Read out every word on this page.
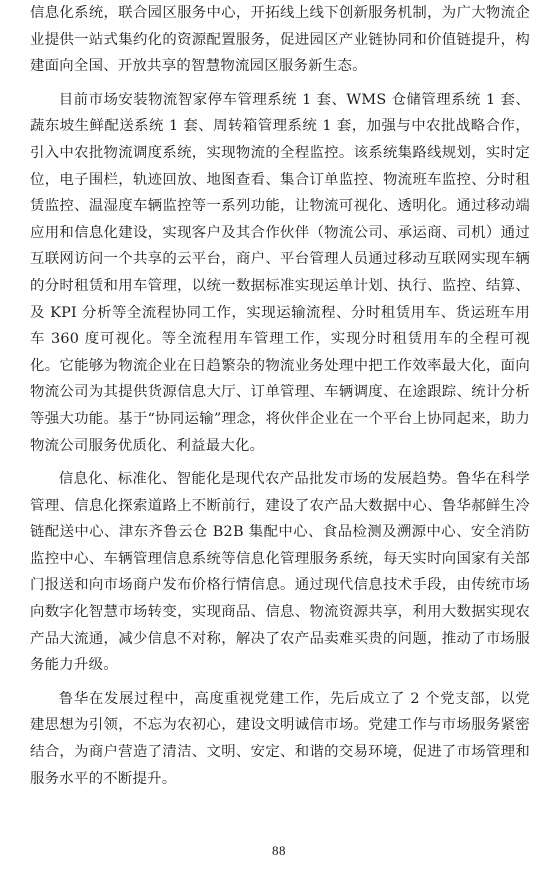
信息化系统，联合园区服务中心，开拓线上线下创新服务机制，为广大物流企业提供一站式集约化的资源配置服务，促进园区产业链协同和价值链提升，构建面向全国、开放共享的智慧物流园区服务新生态。

目前市场安装物流智家停车管理系统 1 套、WMS 仓储管理系统 1 套、蔬东坡生鲜配送系统 1 套、周转箱管理系统 1 套，加强与中农批战略合作，引入中农批物流调度系统，实现物流的全程监控。该系统集路线规划，实时定位，电子围栏，轨迹回放、地图查看、集合订单监控、物流班车监控、分时租赁监控、温湿度车辆监控等一系列功能，让物流可视化、透明化。通过移动端应用和信息化建设，实现客户及其合作伙伴（物流公司、承运商、司机）通过互联网访问一个共享的云平台，商户、平台管理人员通过移动互联网实现车辆的分时租赁和用车管理，以统一数据标准实现运单计划、执行、监控、结算、及 KPI 分析等全流程协同工作，实现运输流程、分时租赁用车、货运班车用车 360 度可视化。等全流程用车管理工作，实现分时租赁用车的全程可视化。它能够为物流企业在日趋繁杂的物流业务处理中把工作效率最大化，面向物流公司为其提供货源信息大厅、订单管理、车辆调度、在途跟踪、统计分析等强大功能。基于“协同运输”理念，将伙伴企业在一个平台上协同起来，助力物流公司服务优质化、利益最大化。

信息化、标准化、智能化是现代农产品批发市场的发展趋势。鲁华在科学管理、信息化探索道路上不断前行，建设了农产品大数据中心、鲁华郝鲜生冷链配送中心、津东齐鲁云仓 B2B 集配中心、食品检测及溯源中心、安全消防监控中心、车辆管理信息系统等信息化管理服务系统，每天实时向国家有关部门报送和向市场商户发布价格行情信息。通过现代信息技术手段，由传统市场向数字化智慧市场转变，实现商品、信息、物流资源共享，利用大数据实现农产品大流通，减少信息不对称，解决了农产品卖难买贵的问题，推动了市场服务能力升级。

鲁华在发展过程中，高度重视党建工作，先后成立了 2 个党支部，以党建思想为引领，不忘为农初心，建设文明诚信市场。党建工作与市场服务紧密结合，为商户营造了清洁、文明、安定、和谐的交易环境，促进了市场管理和服务水平的不断提升。

88
